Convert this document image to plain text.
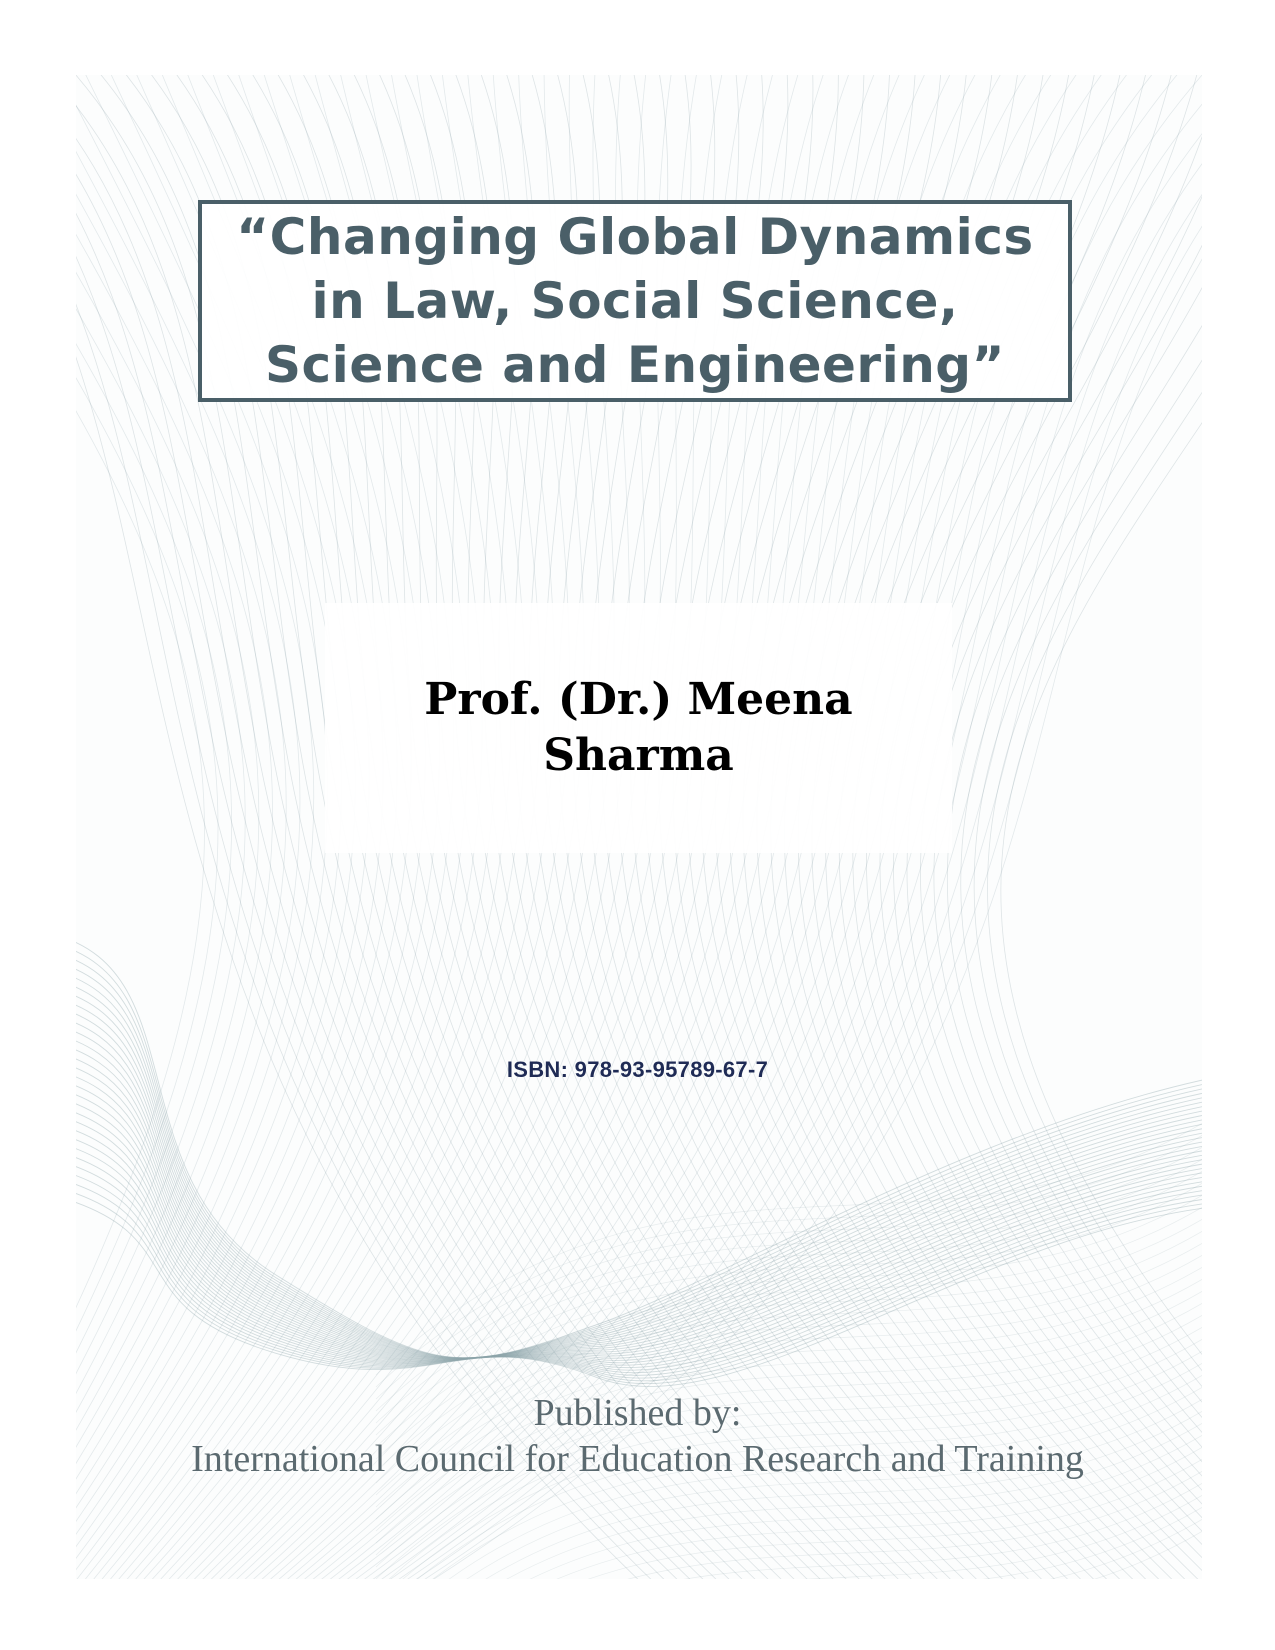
“Changing Global Dynamics in Law, Social Science, Science and Engineering”
Prof. (Dr.) Meena Sharma
ISBN: 978-93-95789-67-7
Published by:
International Council for Education Research and Training
